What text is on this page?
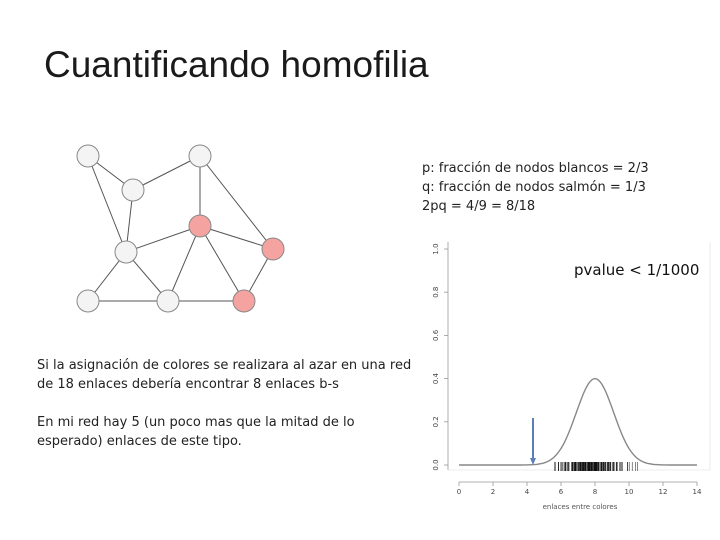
Cuantificando homofilia
p: fracción de nodos blancos = 2/3
q: fracción de nodos salmón = 1/3
2pq = 4/9 = 8/18

Si la asignación de colores se realizara al azar en una red
de 18 enlaces debería encontrar 8 enlaces b-s

En mi red hay 5 (un poco mas que la mitad de lo
esperado) enlaces de este tipo.

0.0
0.2
0.4
0.6
0.8
1.0
0	2	4	6	8	10	12	14
enlaces entre colores
pvalue < 1/1000
